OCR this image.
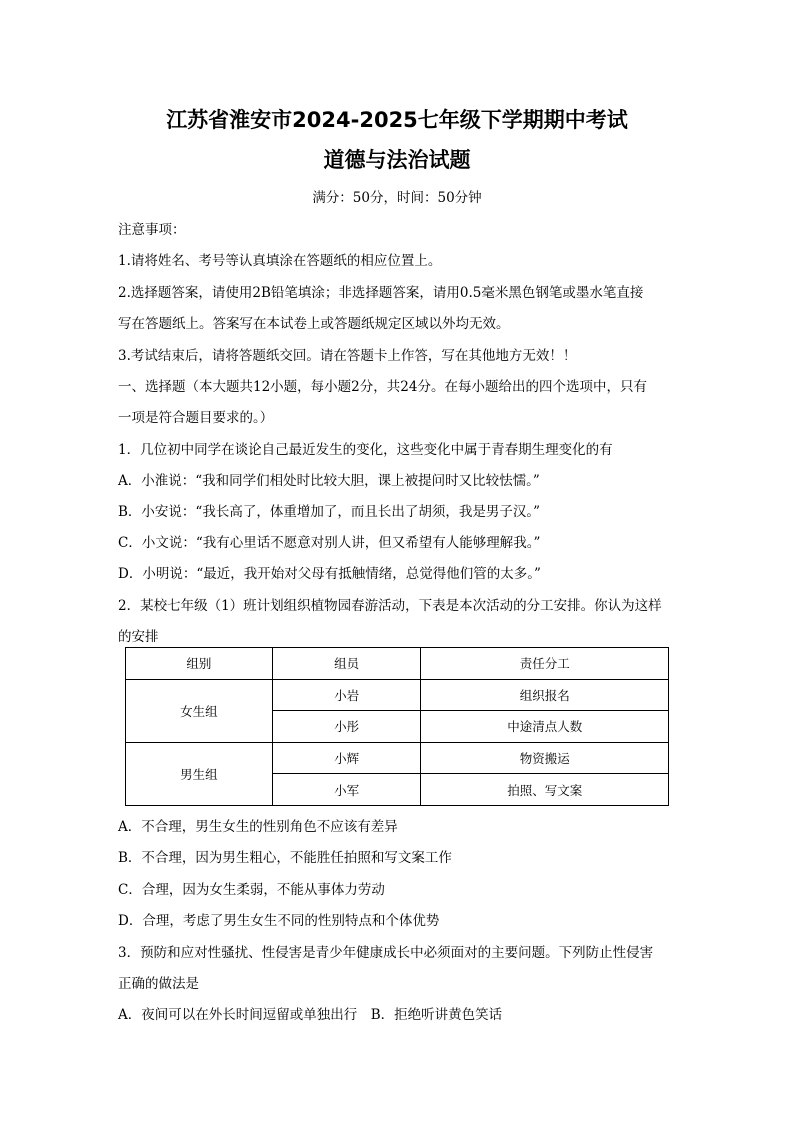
江苏省淮安市2024-2025七年级下学期期中考试
道德与法治试题
满分：50分，时间：50分钟
注意事项：
1.请将姓名、考号等认真填涂在答题纸的相应位置上。
2.选择题答案，请使用2B铅笔填涂；非选择题答案，请用0.5毫米黑色钢笔或墨水笔直接
写在答题纸上。答案写在本试卷上或答题纸规定区域以外均无效。
3.考试结束后，请将答题纸交回。请在答题卡上作答，写在其他地方无效！！
一、选择题（本大题共12小题，每小题2分，共24分。在每小题给出的四个选项中，只有
一项是符合题目要求的。）
1．几位初中同学在谈论自己最近发生的变化，这些变化中属于青春期生理变化的有
A．小淮说：“我和同学们相处时比较大胆，课上被提问时又比较怯懦。”
B．小安说：“我长高了，体重增加了，而且长出了胡须，我是男子汉。”
C．小文说：“我有心里话不愿意对别人讲，但又希望有人能够理解我。”
D．小明说：“最近，我开始对父母有抵触情绪，总觉得他们管的太多。”
2．某校七年级（1）班计划组织植物园春游活动，下表是本次活动的分工安排。你认为这样
的安排
组别	组员	责任分工
女生组	小岩	组织报名
	小彤	中途清点人数
男生组	小辉	物资搬运
	小军	拍照、写文案
A．不合理，男生女生的性别角色不应该有差异
B．不合理，因为男生粗心，不能胜任拍照和写文案工作
C．合理，因为女生柔弱，不能从事体力劳动
D．合理，考虑了男生女生不同的性别特点和个体优势
3．预防和应对性骚扰、性侵害是青少年健康成长中必须面对的主要问题。下列防止性侵害
正确的做法是
A．夜间可以在外长时间逗留或单独出行　B．拒绝听讲黄色笑话
